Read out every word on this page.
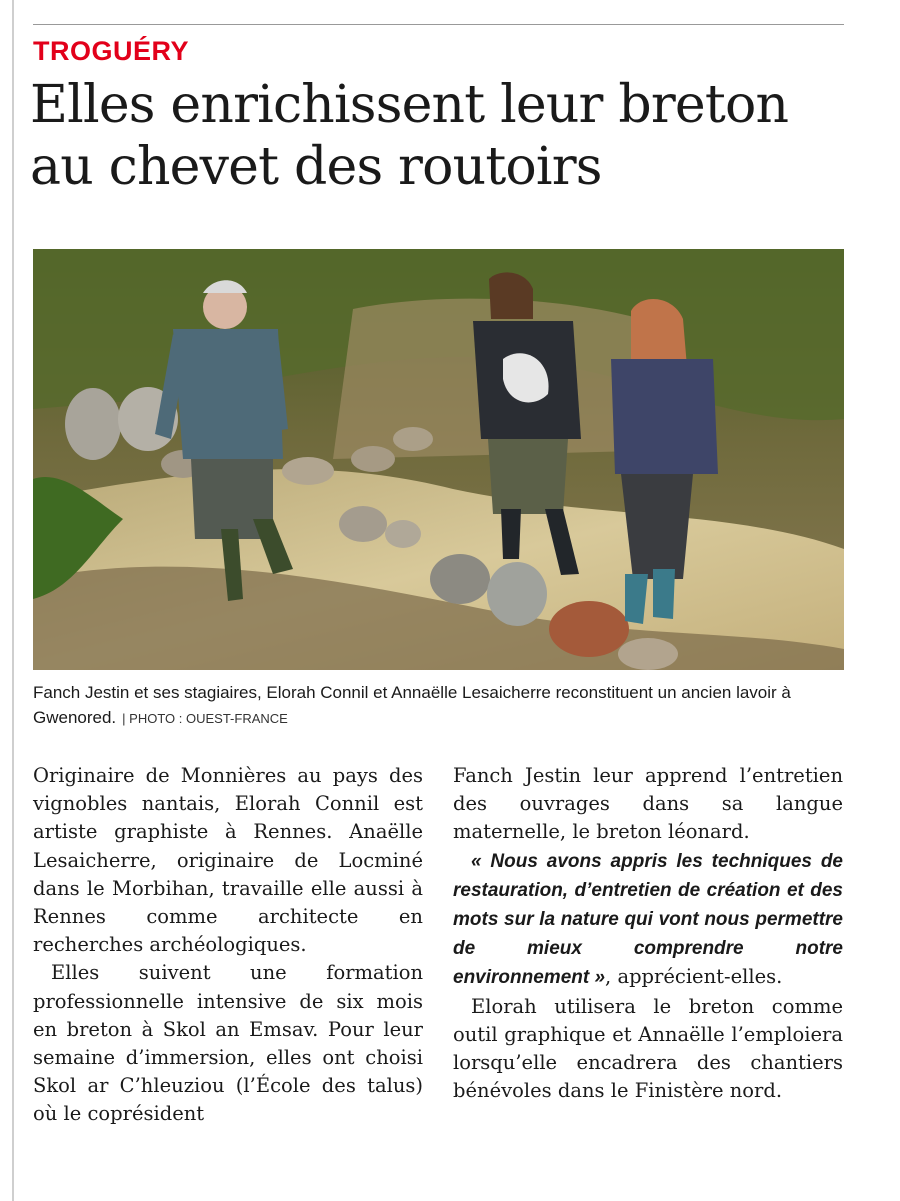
TROGUÉRY
Elles enrichissent leur breton
au chevet des routoirs
Fanch Jestin et ses stagiaires, Elorah Connil et Annaëlle Lesaicherre reconstituent un ancien lavoir à Gwenored. | PHOTO : OUEST-FRANCE

Originaire de Monnières au pays des vignobles nantais, Elorah Connil est artiste graphiste à Rennes. Anaëlle Lesaicherre, originaire de Locminé dans le Morbihan, travaille elle aussi à Rennes comme architecte en recherches archéologiques.

Elles suivent une formation professionnelle intensive de six mois en breton à Skol an Emsav. Pour leur semaine d’immersion, elles ont choisi Skol ar C’hleuziou (l’École des talus) où le coprésident

Fanch Jestin leur apprend l’entretien des ouvrages dans sa langue maternelle, le breton léonard.

« Nous avons appris les techniques de restauration, d’entretien de création et des mots sur la nature qui vont nous permettre de mieux comprendre notre environnement », apprécient-elles.

Elorah utilisera le breton comme outil graphique et Annaëlle l’emploiera lorsqu’elle encadrera des chantiers bénévoles dans le Finistère nord.
